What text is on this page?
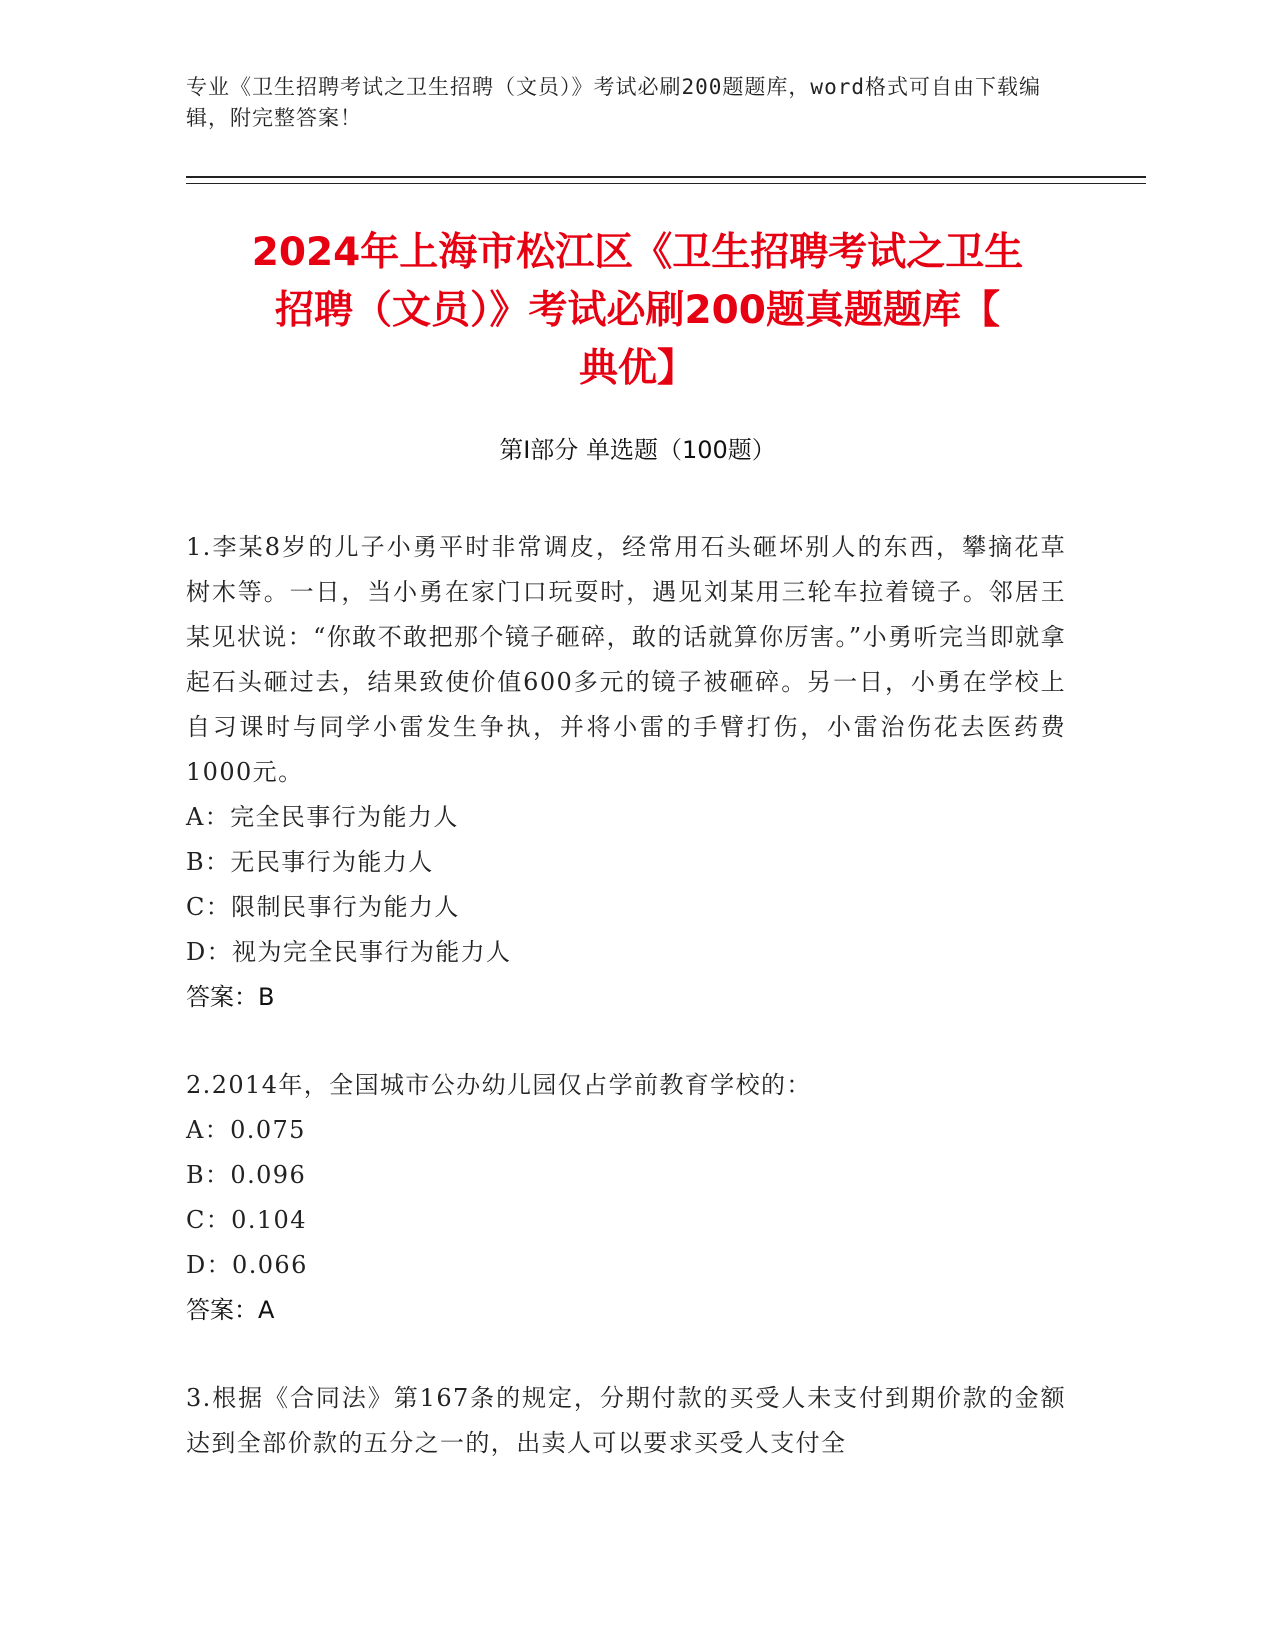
专业《卫生招聘考试之卫生招聘（文员）》考试必刷200题题库，word格式可自由下载编辑，附完整答案！
2024年上海市松江区《卫生招聘考试之卫生
招聘（文员）》考试必刷200题真题题库【
典优】
第Ⅰ部分 单选题（100题）
1.李某8岁的儿子小勇平时非常调皮，经常用石头砸坏别人的东西，攀摘花草树木等。一日，当小勇在家门口玩耍时，遇见刘某用三轮车拉着镜子。邻居王某见状说：“你敢不敢把那个镜子砸碎，敢的话就算你厉害。”小勇听完当即就拿起石头砸过去，结果致使价值600多元的镜子被砸碎。另一日，小勇在学校上自习课时与同学小雷发生争执，并将小雷的手臂打伤，小雷治伤花去医药费1000元。
A：完全民事行为能力人
B：无民事行为能力人
C：限制民事行为能力人
D：视为完全民事行为能力人
答案：B
2.2014年，全国城市公办幼儿园仅占学前教育学校的：
A：0.075
B：0.096
C：0.104
D：0.066
答案：A
3.根据《合同法》第167条的规定，分期付款的买受人未支付到期价款的金额达到全部价款的五分之一的，出卖人可以要求买受人支付全
